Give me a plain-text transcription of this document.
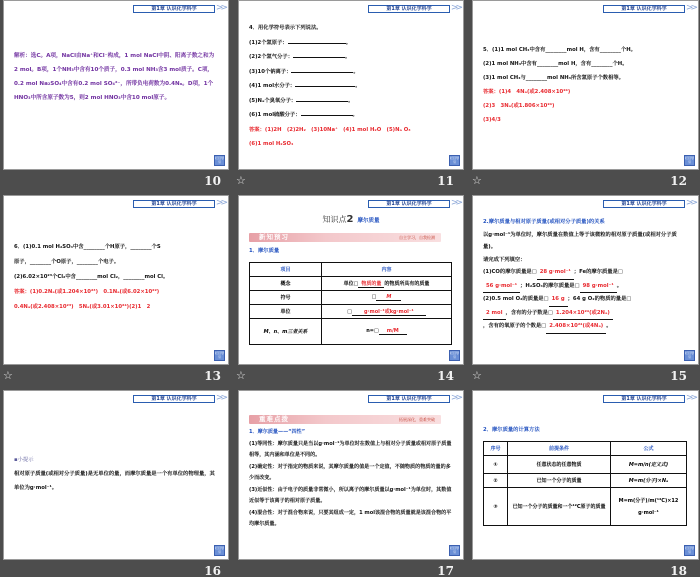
第1章 认识化学科学	>>
解析：选C。A项，NaCl由Na⁺和Cl⁻构成，1 mol NaCl中阴、阳离子数之和为2 mol。B项，1个NH₃中含有10个质子，0.3 mol NH₃含3 mol质子。C项，0.2 mol Na₂SO₄中含有0.2 mol SO₄²⁻，所带负电荷数为0.4Nₐ。D项，1个HNO₃中所含原子数为5，则2 mol HNO₃中含10 mol原子。
栏目导引
10
第1章 认识化学科学	>>
4．用化学符号表示下列说法。
(1)2个氢原子：	。
(2)2个氢气分子：	。
(3)10个钠离子：	。
(4)1 mol水分子：	。
(5)Nₐ个臭氧分子：	。
(6)1 mol硫酸分子：	。
答案：(1)2H　(2)2H₂　(3)10Na⁺　(4)1 mol H₂O　(5)Nₐ O₃
(6)1 mol H₂SO₄
栏目导引
☆	11
第1章 认识化学科学	>>
5．(1)1 mol CH₄中含有________mol H，含有________个H。
(2)1 mol NH₃中含有________mol H，含有________个H。
(3)1 mol CH₄与________mol NH₃所含氢原子个数相等。
答案：(1)4　4Nₐ(或2.408×10²⁴)
(2)3　3Nₐ(或1.806×10²⁴)
(3)4/3
栏目导引
☆	12
第1章 认识化学科学	>>
6．(1)0.1 mol H₂SO₄中含________个H原子，________个S
原子，________个O原子，________个电子。
(2)6.02×10²³个Cl₂中含________mol Cl₂，________mol Cl。
答案：(1)0.2Nₐ(或1.204×10²³)　0.1Nₐ(或6.02×10²²)
0.4Nₐ(或2.408×10²³)　5Nₐ(或3.01×10²⁴)(2)1　2
栏目导引
☆	13
第1章 认识化学科学	>>
知识点2 摩尔质量
新知预习	自主学习，自我检测
1．摩尔质量
项目	内容
概念	单位□ 物质的量 的物质所具有的质量
符号	□ M
单位	□ g·mol⁻¹或kg·mol⁻¹
M、n、m三者关系	n=□ m/M
栏目导引
☆	14
第1章 认识化学科学	>>
2.摩尔质量与相对原子质量(或相对分子质量)的关系
以g·mol⁻¹为单位时，摩尔质量在数值上等于该微粒的相对原子质量(或相对分子质量)。
请完成下列填空：
(1)CO的摩尔质量是□ 28 g·mol⁻¹ ；Fe的摩尔质量是□
56 g·mol⁻¹ ；H₂SO₄的摩尔质量是□ 98 g·mol⁻¹ 。
(2)0.5 mol O₂的质量是□ 16 g ；64 g O₂的物质的量是□
2 mol ，含有的分子数是□ 1.204×10²⁴(或2Nₐ)
，含有的氧原子的个数是□ 2.408×10²⁴(或4Nₐ) 。
栏目导引
☆	15
第1章 认识化学科学	>>
▪小提示
相对原子质量(或相对分子质量)是无单位的量，而摩尔质量是一个有单位的物理量，其单位为g·mol⁻¹。
栏目导引
16
第1章 认识化学科学	>>
重难点拨	拓展深化，重难突破
1．摩尔质量——“四性”
(1)等同性：摩尔质量只是当以g·mol⁻¹为单位时在数值上与相对分子质量或相对原子质量相等，其内涵和单位是不同的。
(2)确定性：对于指定的物质来说，其摩尔质量的值是一个定值，不随物质的物质的量的多少而改变。
(3)近似性：由于电子的质量非常微小，所以离子的摩尔质量以g·mol⁻¹为单位时，其数值近似等于该离子的相对原子质量。
(4)混合性：对于混合物来说，只要其组成一定，1 mol该混合物的质量就是该混合物的平均摩尔质量。
栏目导引
17
第1章 认识化学科学	>>
2．摩尔质量的计算方法
序号	前提条件	公式
①	任意状态的任意物质	M=m/n(定义式)
②	已知一个分子的质量	M=m(分子)×Nₐ
③	已知一个分子的质量和一个¹²C原子的质量	M=m(分子)/m(¹²C)×12 g·mol⁻¹
栏目导引
18
